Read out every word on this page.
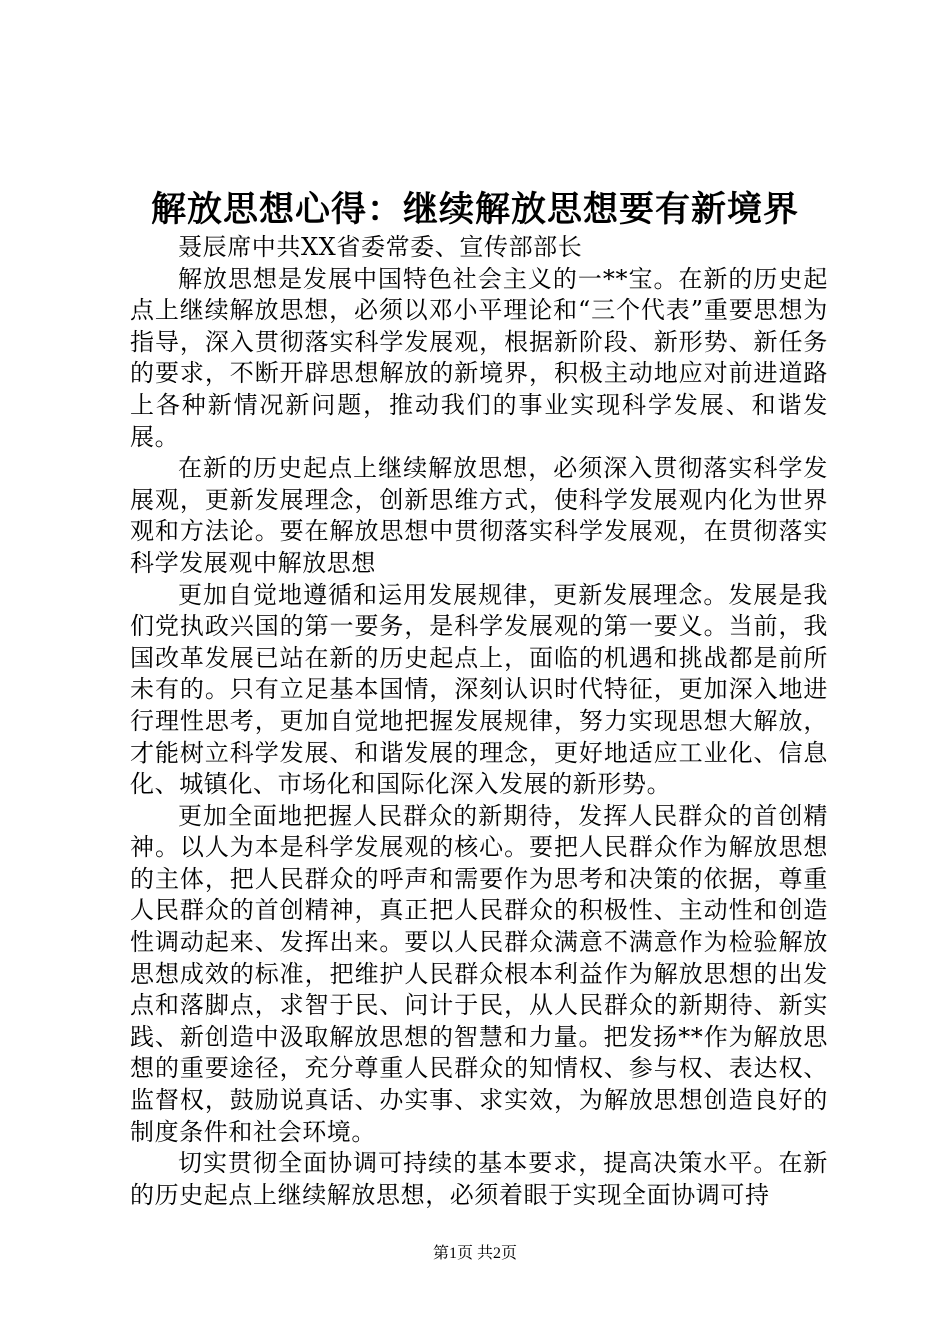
解放思想心得：继续解放思想要有新境界

聂辰席中共XX省委常委、宣传部部长

解放思想是发展中国特色社会主义的一**宝。在新的历史起点上继续解放思想，必须以邓小平理论和“三个代表”重要思想为指导，深入贯彻落实科学发展观，根据新阶段、新形势、新任务的要求，不断开辟思想解放的新境界，积极主动地应对前进道路上各种新情况新问题，推动我们的事业实现科学发展、和谐发展。

在新的历史起点上继续解放思想，必须深入贯彻落实科学发展观，更新发展理念，创新思维方式，使科学发展观内化为世界观和方法论。要在解放思想中贯彻落实科学发展观，在贯彻落实科学发展观中解放思想

更加自觉地遵循和运用发展规律，更新发展理念。发展是我们党执政兴国的第一要务，是科学发展观的第一要义。当前，我国改革发展已站在新的历史起点上，面临的机遇和挑战都是前所未有的。只有立足基本国情，深刻认识时代特征，更加深入地进行理性思考，更加自觉地把握发展规律，努力实现思想大解放，才能树立科学发展、和谐发展的理念，更好地适应工业化、信息化、城镇化、市场化和国际化深入发展的新形势。

更加全面地把握人民群众的新期待，发挥人民群众的首创精神。以人为本是科学发展观的核心。要把人民群众作为解放思想的主体，把人民群众的呼声和需要作为思考和决策的依据，尊重人民群众的首创精神，真正把人民群众的积极性、主动性和创造性调动起来、发挥出来。要以人民群众满意不满意作为检验解放思想成效的标准，把维护人民群众根本利益作为解放思想的出发点和落脚点，求智于民、问计于民，从人民群众的新期待、新实践、新创造中汲取解放思想的智慧和力量。把发扬**作为解放思想的重要途径，充分尊重人民群众的知情权、参与权、表达权、监督权，鼓励说真话、办实事、求实效，为解放思想创造良好的制度条件和社会环境。

切实贯彻全面协调可持续的基本要求，提高决策水平。在新的历史起点上继续解放思想，必须着眼于实现全面协调可持

第1页 共2页
